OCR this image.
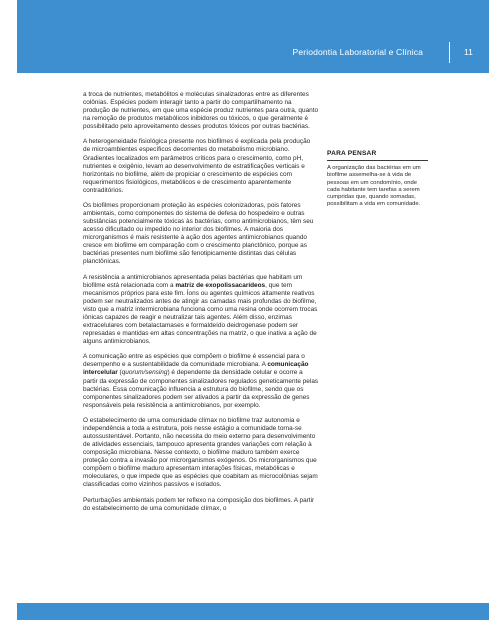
Periodontia Laboratorial e Clínica	11

a troca de nutrientes, metabólitos e moléculas sinalizadoras entre as diferentes colônias. Espécies podem interagir tanto a partir do compartilhamento na produção de nutrientes, em que uma espécie produz nutrientes para outra, quanto na remoção de produtos metabólicos inibidores ou tóxicos, o que geralmente é possibilitado pelo aproveitamento desses produtos tóxicos por outras bactérias.

A heterogeneidade fisiológica presente nos biofilmes é explicada pela produção de microambientes específicos decorrentes do metabolismo microbiano. Gradientes localizados em parâmetros críticos para o crescimento, como pH, nutrientes e oxigênio, levam ao desenvolvimento de estratificações verticais e horizontais no biofilme, além de propiciar o crescimento de espécies com requerimentos fisiológicos, metabólicos e de crescimento aparentemente contraditórios.

Os biofilmes proporcionam proteção às espécies colonizadoras, pois fatores ambientais, como componentes do sistema de defesa do hospedeiro e outras substâncias potencialmente tóxicas às bactérias, como antimicrobianos, têm seu acesso dificultado ou impedido no interior dos biofilmes. A maioria dos microrganismos é mais resistente à ação dos agentes antimicrobianos quando cresce em biofilme em comparação com o crescimento planctônico, porque as bactérias presentes num biofilme são fenotipicamente distintas das células planctônicas.

A resistência a antimicrobianos apresentada pelas bactérias que habitam um biofilme está relacionada com a matriz de exopolissacarídeos, que tem mecanismos próprios para este fim. Íons ou agentes químicos altamente reativos podem ser neutralizados antes de atingir as camadas mais profundas do biofilme, visto que a matriz intermicrobiana funciona como uma resina onde ocorrem trocas iônicas capazes de reagir e neutralizar tais agentes. Além disso, enzimas extracelulares com betalactamases e formaldeído deidrogenase podem ser represadas e mantidas em altas concentrações na matriz, o que inativa a ação de alguns antimicrobianos.

A comunicação entre as espécies que compõem o biofilme é essencial para o desempenho e a sustentabilidade da comunidade microbiana. A comunicação intercelular (quorum/sensing) é dependente da densidade celular e ocorre a partir da expressão de componentes sinalizadores regulados geneticamente pelas bactérias. Essa comunicação influencia a estrutura do biofilme, sendo que os componentes sinalizadores podem ser ativados a partir da expressão de genes responsáveis pela resistência a antimicrobianos, por exemplo.

O estabelecimento de uma comunidade clímax no biofilme traz autonomia e independência a toda a estrutura, pois nesse estágio a comunidade torna-se autossustentável. Portanto, não necessita do meio externo para desenvolvimento de atividades essenciais, tampouco apresenta grandes variações com relação à composição microbiana. Nesse contexto, o biofilme maduro também exerce proteção contra a invasão por microrganismos exógenos. Os microrganismos que compõem o biofilme maduro apresentam interações físicas, metabólicas e moleculares, o que impede que as espécies que coabitam as microcolônias sejam classificadas como vizinhos passivos e isolados.

Perturbações ambientais podem ter reflexo na composição dos biofilmes. A partir do estabelecimento de uma comunidade clímax, o

PARA PENSAR

A organização das bactérias em um biofilme assemelha-se à vida de pessoas em um condomínio, onde cada habitante tem tarefas a serem cumpridas que, quando somadas, possibilitam a vida em comunidade.
